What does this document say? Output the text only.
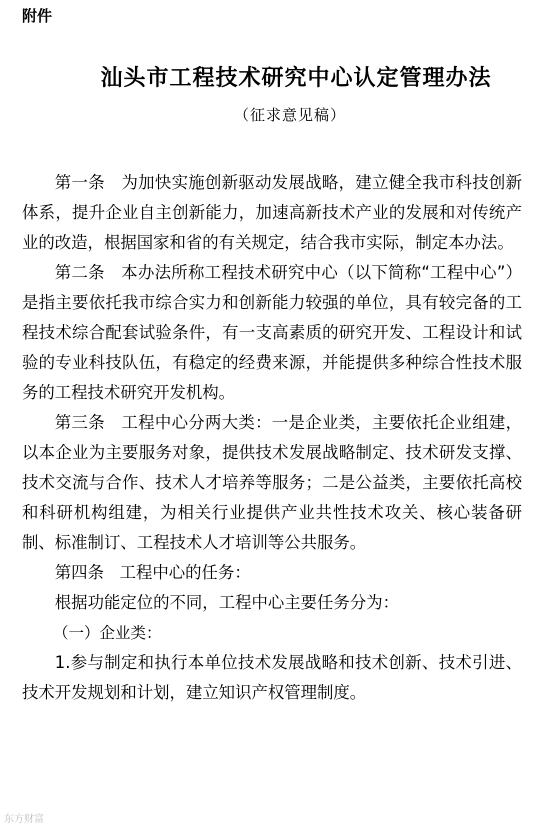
附件
汕头市工程技术研究中心认定管理办法
（征求意见稿）

第一条 为加快实施创新驱动发展战略，建立健全我市科技创新体系，提升企业自主创新能力，加速高新技术产业的发展和对传统产业的改造，根据国家和省的有关规定，结合我市实际，制定本办法。

第二条 本办法所称工程技术研究中心（以下简称“工程中心”）是指主要依托我市综合实力和创新能力较强的单位，具有较完备的工程技术综合配套试验条件，有一支高素质的研究开发、工程设计和试验的专业科技队伍，有稳定的经费来源，并能提供多种综合性技术服务的工程技术研究开发机构。

第三条 工程中心分两大类：一是企业类，主要依托企业组建，以本企业为主要服务对象，提供技术发展战略制定、技术研发支撑、技术交流与合作、技术人才培养等服务；二是公益类，主要依托高校和科研机构组建，为相关行业提供产业共性技术攻关、核心装备研制、标准制订、工程技术人才培训等公共服务。

第四条 工程中心的任务：

根据功能定位的不同，工程中心主要任务分为：

（一）企业类：

1.参与制定和执行本单位技术发展战略和技术创新、技术引进、技术开发规划和计划，建立知识产权管理制度。

东方财富
